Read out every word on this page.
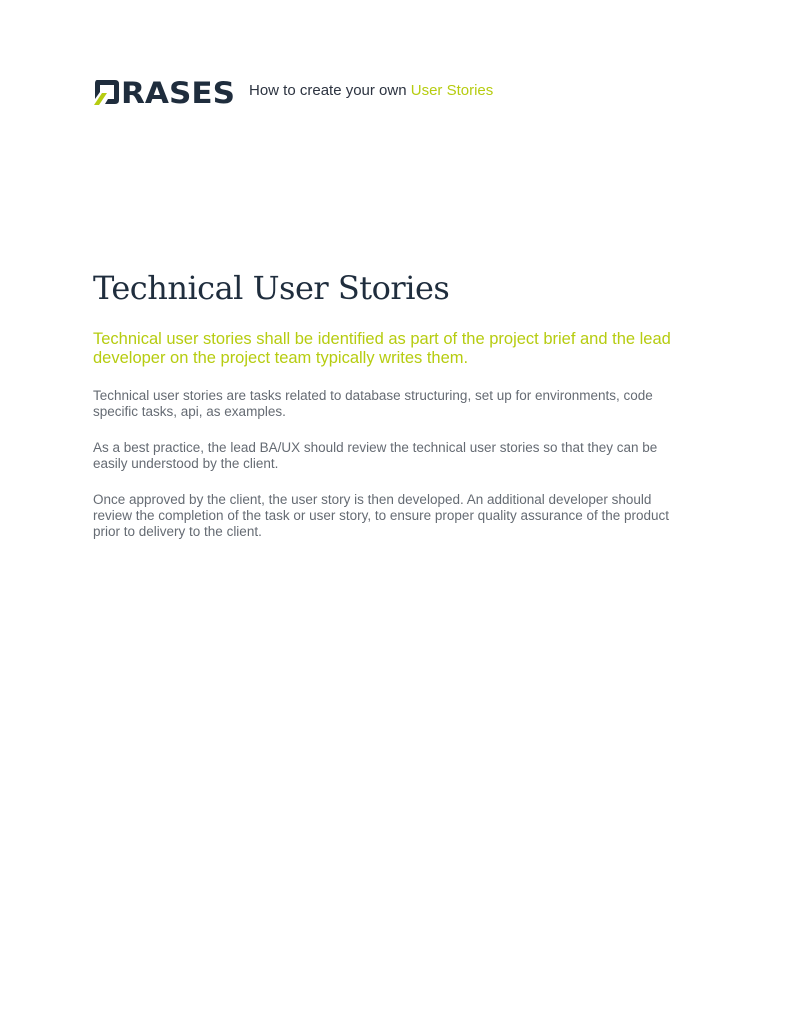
RASES How to create your own User Stories
Technical User Stories

Technical user stories shall be identified as part of the project brief and the lead developer on the project team typically writes them.

Technical user stories are tasks related to database structuring, set up for environments, code specific tasks, api, as examples.

As a best practice, the lead BA/UX should review the technical user stories so that they can be easily understood by the client.

Once approved by the client, the user story is then developed. An additional developer should review the completion of the task or user story, to ensure proper quality assurance of the product prior to delivery to the client.
